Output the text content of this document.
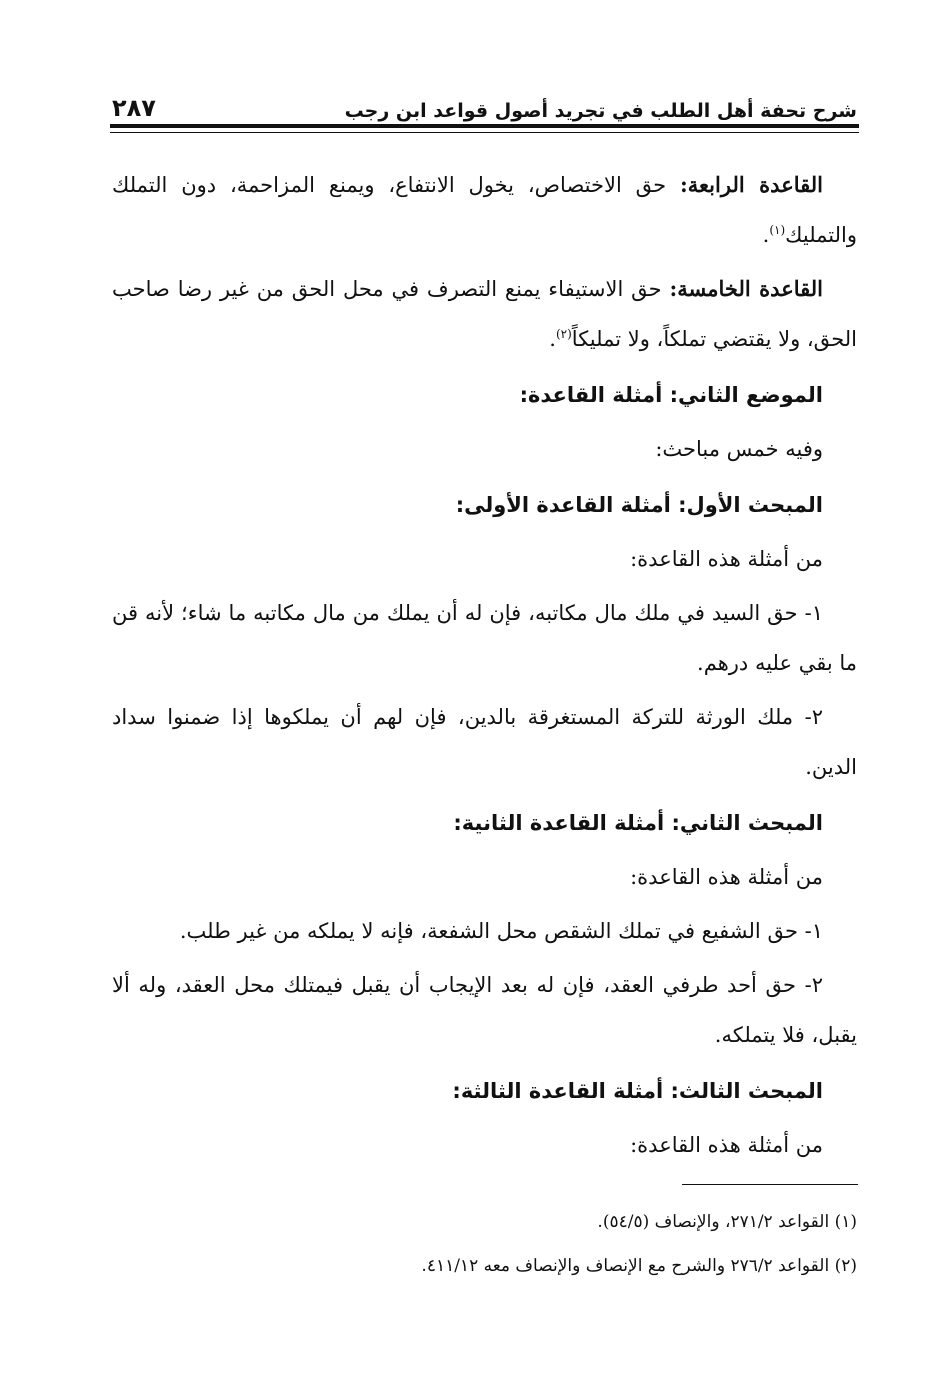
شرح تحفة أهل الطلب في تجريد أصول قواعد ابن رجب
٢٨٧

القاعدة الرابعة: حق الاختصاص، يخول الانتفاع، ويمنع المزاحمة، دون التملك والتمليك$^{(١)}$.

القاعدة الخامسة: حق الاستيفاء يمنع التصرف في محل الحق من غير رضا صاحب الحق، ولا يقتضي تملكاً، ولا تمليكاً$^{(٢)}$.

الموضع الثاني: أمثلة القاعدة:

وفيه خمس مباحث:

المبحث الأول: أمثلة القاعدة الأولى:

من أمثلة هذه القاعدة:

١- حق السيد في ملك مال مكاتبه، فإن له أن يملك من مال مكاتبه ما شاء؛ لأنه قن ما بقي عليه درهم.

٢- ملك الورثة للتركة المستغرقة بالدين، فإن لهم أن يملكوها إذا ضمنوا سداد الدين.

المبحث الثاني: أمثلة القاعدة الثانية:

من أمثلة هذه القاعدة:

١- حق الشفيع في تملك الشقص محل الشفعة، فإنه لا يملكه من غير طلب.

٢- حق أحد طرفي العقد، فإن له بعد الإيجاب أن يقبل فيمتلك محل العقد، وله ألا يقبل، فلا يتملكه.

المبحث الثالث: أمثلة القاعدة الثالثة:

من أمثلة هذه القاعدة:

(١) القواعد ٢٧١/٢، والإنصاف (٥٤/٥).

(٢) القواعد ٢٧٦/٢ والشرح مع الإنصاف والإنصاف معه ٤١١/١٢.
